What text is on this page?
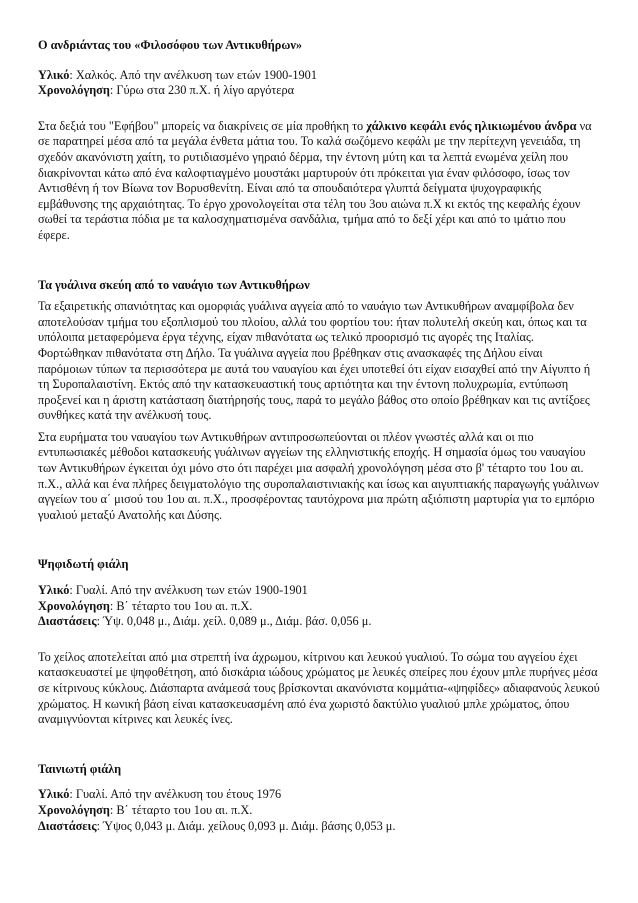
Ο ανδριάντας του «Φιλοσόφου των Αντικυθήρων»

Υλικό: Χαλκός. Από την ανέλκυση των ετών 1900-1901

Χρονολόγηση: Γύρω στα 230 π.Χ. ή λίγο αργότερα

Στα δεξιά του "Εφήβου" μπορείς να διακρίνεις σε μία προθήκη το χάλκινο κεφάλι ενός ηλικιωμένου άνδρα να σε παρατηρεί μέσα από τα μεγάλα ένθετα μάτια του. Το καλά σωζόμενο κεφάλι με την περίτεχνη γενειάδα, τη σχεδόν ακανόνιστη χαίτη, το ρυτιδιασμένο γηραιό δέρμα, την έντονη μύτη και τα λεπτά ενωμένα χείλη που διακρίνονται κάτω από ένα καλοφτιαγμένο μουστάκι μαρτυρούν ότι πρόκειται για έναν φιλόσοφο, ίσως τον Αντισθένη ή τον Βίωνα τον Βορυσθενίτη. Είναι από τα σπουδαιότερα γλυπτά δείγματα ψυχογραφικής εμβάθυνσης της αρχαιότητας. Το έργο χρονολογείται στα τέλη του 3ου αιώνα π.Χ κι εκτός της κεφαλής έχουν σωθεί τα τεράστια πόδια με τα καλοσχηματισμένα σανδάλια, τμήμα από το δεξί χέρι και από το ιμάτιο που έφερε.

Τα γυάλινα σκεύη από το ναυάγιο των Αντικυθήρων

Τα εξαιρετικής σπανιότητας και ομορφιάς γυάλινα αγγεία από το ναυάγιο των Αντικυθήρων αναμφίβολα δεν αποτελούσαν τμήμα του εξοπλισμού του πλοίου, αλλά του φορτίου του: ήταν πολυτελή σκεύη και, όπως και τα υπόλοιπα μεταφερόμενα έργα τέχνης, είχαν πιθανότατα ως τελικό προορισμό τις αγορές της Ιταλίας. Φορτώθηκαν πιθανότατα στη Δήλο. Τα γυάλινα αγγεία που βρέθηκαν στις ανασκαφές της Δήλου είναι παρόμοιων τύπων τα περισσότερα με αυτά του ναυαγίου και έχει υποτεθεί ότι είχαν εισαχθεί από την Αίγυπτο ή τη Συροπαλαιστίνη. Εκτός από την κατασκευαστική τους αρτιότητα και την έντονη πολυχρωμία, εντύπωση προξενεί και η άριστη κατάσταση διατήρησής τους, παρά το μεγάλο βάθος στο οποίο βρέθηκαν και τις αντίξοες συνθήκες κατά την ανέλκυσή τους.

Στα ευρήματα του ναυαγίου των Αντικυθήρων αντιπροσωπεύονται οι πλέον γνωστές αλλά και οι πιο εντυπωσιακές μέθοδοι κατασκευής γυάλινων αγγείων της ελληνιστικής εποχής. Η σημασία όμως του ναυαγίου των Αντικυθήρων έγκειται όχι μόνο στο ότι παρέχει μια ασφαλή χρονολόγηση μέσα στο β' τέταρτο του 1ου αι. π.Χ., αλλά και ένα πλήρες δειγματολόγιο της συροπαλαιστινιακής και ίσως και αιγυπτιακής παραγωγής γυάλινων αγγείων του α΄ μισού του 1ου αι. π.Χ., προσφέροντας ταυτόχρονα μια πρώτη αξιόπιστη μαρτυρία για το εμπόριο γυαλιού μεταξύ Ανατολής και Δύσης.

Ψηφιδωτή φιάλη

Υλικό: Γυαλί. Από την ανέλκυση των ετών 1900-1901

Χρονολόγηση: Β΄ τέταρτο του 1ου αι. π.Χ.

Διαστάσεις: Ύψ. 0,048 μ., Διάμ. χείλ. 0,089 μ., Διάμ. βάσ. 0,056 μ.

Το χείλος αποτελείται από μια στρεπτή ίνα άχρωμου, κίτρινου και λευκού γυαλιού. Το σώμα του αγγείου έχει κατασκευαστεί με ψηφοθέτηση, από δισκάρια ιώδους χρώματος με λευκές σπείρες που έχουν μπλε πυρήνες μέσα σε κίτρινους κύκλους. Διάσπαρτα ανάμεσά τους βρίσκονται ακανόνιστα κομμάτια-«ψηφίδες» αδιαφανούς λευκού χρώματος. Η κωνική βάση είναι κατασκευασμένη από ένα χωριστό δακτύλιο γυαλιού μπλε χρώματος, όπου αναμιγνύονται κίτρινες και λευκές ίνες.

Ταινιωτή φιάλη

Υλικό: Γυαλί. Από την ανέλκυση του έτους 1976

Χρονολόγηση: Β΄ τέταρτο του 1ου αι. π.Χ.

Διαστάσεις: Ύψος 0,043 μ. Διάμ. χείλους 0,093 μ. Διάμ. βάσης 0,053 μ.
